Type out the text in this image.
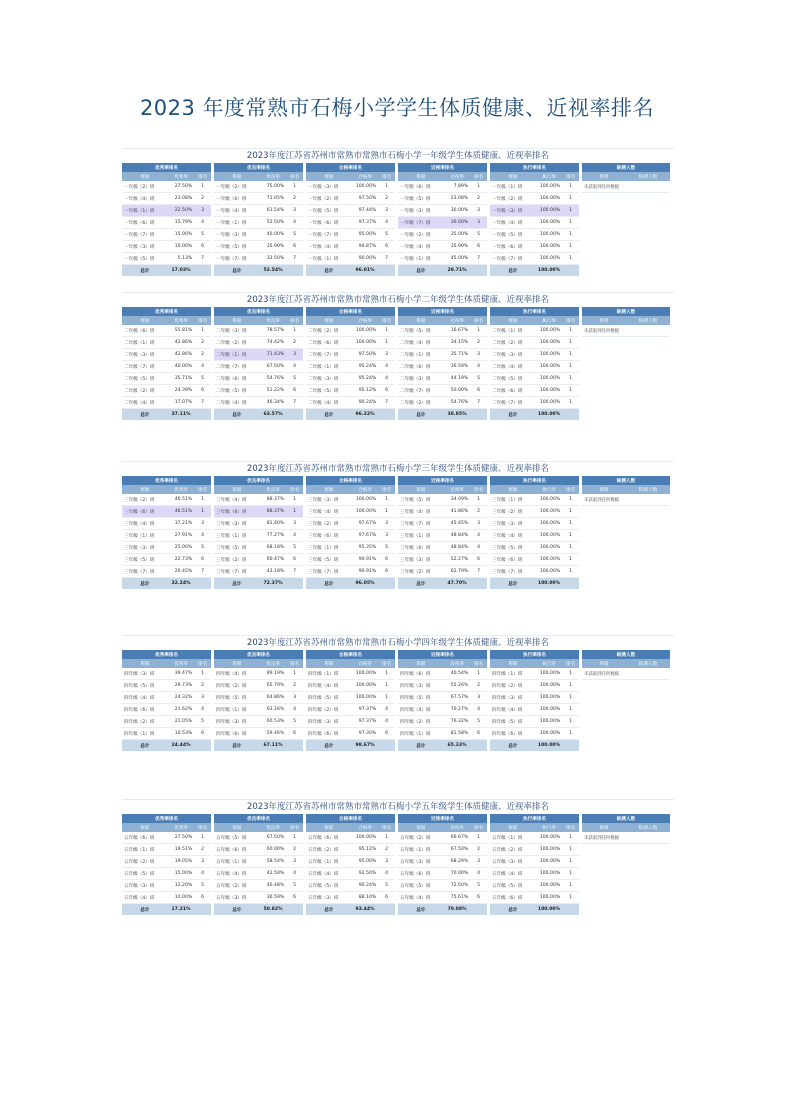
2023 年度常熟市石梅小学学生体质健康、近视率排名
2023年度江苏省苏州市常熟市常熟市石梅小学一年级学生体质健康、近视率排名
优秀率排名		
班级	优秀率	排名
一年级（2）班	27.50%	1
一年级（4）班	23.08%	2
一年级（1）班	22.50%	3
一年级（6）班	15.79%	4
一年级（7）班	15.00%	5
一年级（3）班	10.00%	6
一年级（5）班	5.13%	7
总计	17.03%	
优良率排名		
班级	优良率	排名
一年级（2）班	75.00%	1
一年级（6）班	71.05%	2
一年级（4）班	61.54%	3
一年级（1）班	52.50%	4
一年级（3）班	40.00%	5
一年级（5）班	35.90%	6
一年级（7）班	32.50%	7
总计	52.54%	
合格率排名		
班级	合格率	排名
一年级（3）班	100.00%	1
一年级（2）班	97.50%	2
一年级（5）班	97.44%	3
一年级（6）班	97.37%	4
一年级（7）班	95.00%	5
一年级（4）班	94.87%	6
一年级（1）班	90.00%	7
总计	96.01%	
近视率排名		
班级	近视率	排名
一年级（6）班	7.89%	1
一年级（5）班	23.08%	2
一年级（3）班	30.00%	3
一年级（7）班	30.00%	3
一年级（2）班	35.00%	5
一年级（4）班	35.90%	6
一年级（1）班	45.00%	7
总计	29.71%	
执行率排名		
班级	执行率	排名
一年级（1）班	100.00%	1
一年级（2）班	100.00%	1
一年级（3）班	100.00%	1
一年级（4）班	100.00%	1
一年级（5）班	100.00%	1
一年级（6）班	100.00%	1
一年级（7）班	100.00%	1
总计	100.00%	
缺测人数
班级	缺测人数
未获取到任何数据
2023年度江苏省苏州市常熟市常熟市石梅小学二年级学生体质健康、近视率排名
优秀率排名		
班级	优秀率	排名
二年级（6）班	55.81%	1
二年级（1）班	42.86%	2
二年级（3）班	42.86%	2
二年级（7）班	40.00%	4
二年级（5）班	35.71%	5
二年级（2）班	24.39%	6
二年级（4）班	17.07%	7
总计	37.11%	
优良率排名		
班级	优良率	排名
二年级（3）班	78.57%	1
二年级（2）班	74.42%	2
二年级（1）班	71.43%	3
二年级（7）班	67.50%	4
二年级（6）班	54.76%	5
二年级（5）班	51.22%	6
二年级（4）班	46.34%	7
总计	63.57%	
合格率排名		
班级	合格率	排名
二年级（2）班	100.00%	1
二年级（6）班	100.00%	1
二年级（7）班	97.50%	3
二年级（1）班	95.24%	4
二年级（3）班	95.24%	4
二年级（5）班	95.12%	6
二年级（4）班	90.24%	7
总计	96.22%	
近视率排名		
班级	近视率	排名
二年级（5）班	16.67%	1
二年级（4）班	34.15%	2
二年级（1）班	35.71%	3
二年级（6）班	36.59%	4
二年级（3）班	44.19%	5
二年级（7）班	50.00%	6
二年级（2）班	54.76%	7
总计	38.85%	
执行率排名		
班级	执行率	排名
二年级（1）班	100.00%	1
二年级（2）班	100.00%	1
二年级（3）班	100.00%	1
二年级（4）班	100.00%	1
二年级（5）班	100.00%	1
二年级（6）班	100.00%	1
二年级（7）班	100.00%	1
总计	100.00%	
缺测人数
班级	缺测人数
未获取到任何数据
2023年度江苏省苏州市常熟市常熟市石梅小学三年级学生体质健康、近视率排名
优秀率排名		
班级	优秀率	排名
三年级（2）班	46.51%	1
三年级（6）班	46.51%	1
三年级（4）班	37.21%	3
三年级（1）班	27.91%	4
三年级（3）班	25.00%	5
三年级（5）班	22.73%	6
三年级（7）班	20.45%	7
总计	32.24%	
优良率排名		
班级	优良率	排名
三年级（4）班	88.37%	1
三年级（6）班	88.37%	1
三年级（3）班	81.40%	3
三年级（1）班	77.27%	4
三年级（5）班	68.18%	5
三年级（2）班	60.47%	6
三年级（7）班	43.18%	7
总计	72.37%	
合格率排名		
班级	合格率	排名
三年级（3）班	100.00%	1
三年级（4）班	100.00%	1
三年级（2）班	97.67%	3
三年级（6）班	97.67%	3
三年级（1）班	95.35%	5
三年级（5）班	90.91%	6
三年级（7）班	90.91%	6
总计	96.05%	
近视率排名		
班级	近视率	排名
三年级（5）班	34.09%	1
三年级（4）班	41.86%	2
三年级（7）班	45.45%	3
三年级（1）班	48.84%	4
三年级（6）班	48.84%	4
三年级（3）班	52.27%	6
三年级（2）班	62.79%	7
总计	47.70%	
执行率排名		
班级	执行率	排名
三年级（1）班	100.00%	1
三年级（2）班	100.00%	1
三年级（3）班	100.00%	1
三年级（4）班	100.00%	1
三年级（5）班	100.00%	1
三年级（6）班	100.00%	1
三年级（7）班	100.00%	1
总计	100.00%	
缺测人数
班级	缺测人数
未获取到任何数据
2023年度江苏省苏州市常熟市常熟市石梅小学四年级学生体质健康、近视率排名
优秀率排名		
班级	优秀率	排名
四年级（3）班	39.47%	1
四年级（5）班	29.73%	2
四年级（4）班	24.32%	3
四年级（6）班	21.62%	4
四年级（2）班	21.05%	5
四年级（1）班	10.53%	6
总计	24.44%	
优良率排名		
班级	优良率	排名
四年级（4）班	89.19%	1
四年级（2）班	65.79%	2
四年级（5）班	64.86%	3
四年级（1）班	63.16%	4
四年级（3）班	60.53%	5
四年级（6）班	59.46%	6
总计	67.11%	
合格率排名		
班级	合格率	排名
四年级（1）班	100.00%	1
四年级（4）班	100.00%	1
四年级（5）班	100.00%	1
四年级（2）班	97.37%	4
四年级（3）班	97.37%	4
四年级（6）班	97.30%	6
总计	98.67%	
近视率排名		
班级	近视率	排名
四年级（6）班	40.54%	1
四年级（3）班	55.26%	2
四年级（5）班	67.57%	3
四年级（4）班	70.27%	4
四年级（2）班	76.32%	5
四年级（1）班	81.58%	6
总计	65.33%	
执行率排名		
班级	执行率	排名
四年级（1）班	100.00%	1
四年级（2）班	100.00%	1
四年级（3）班	100.00%	1
四年级（4）班	100.00%	1
四年级（5）班	100.00%	1
四年级（6）班	100.00%	1
总计	100.00%	
缺测人数
班级	缺测人数
未获取到任何数据
2023年度江苏省苏州市常熟市常熟市石梅小学五年级学生体质健康、近视率排名
优秀率排名		
班级	优秀率	排名
五年级（6）班	27.50%	1
五年级（1）班	19.51%	2
五年级（2）班	19.05%	3
五年级（5）班	15.00%	4
五年级（3）班	12.20%	5
五年级（4）班	10.00%	6
总计	17.21%	
优良率排名		
班级	优良率	排名
五年级（5）班	67.50%	1
五年级（6）班	60.00%	2
五年级（1）班	58.54%	3
五年级（4）班	42.50%	4
五年级（2）班	40.48%	5
五年级（3）班	36.59%	6
总计	50.82%	
合格率排名		
班级	合格率	排名
五年级（6）班	100.00%	1
五年级（2）班	95.12%	2
五年级（1）班	95.00%	3
五年级（4）班	92.50%	4
五年级（5）班	90.24%	5
五年级（3）班	88.10%	6
总计	93.44%	
近视率排名		
班级	近视率	排名
五年级（2）班	66.67%	1
五年级（1）班	67.50%	2
五年级（3）班	68.29%	3
五年级（6）班	70.00%	4
五年级（5）班	72.50%	5
五年级（4）班	75.61%	6
总计	70.08%	
执行率排名		
班级	执行率	排名
五年级（1）班	100.00%	1
五年级（2）班	100.00%	1
五年级（3）班	100.00%	1
五年级（4）班	100.00%	1
五年级（5）班	100.00%	1
五年级（6）班	100.00%	1
总计	100.00%	
缺测人数
班级	缺测人数
未获取到任何数据
